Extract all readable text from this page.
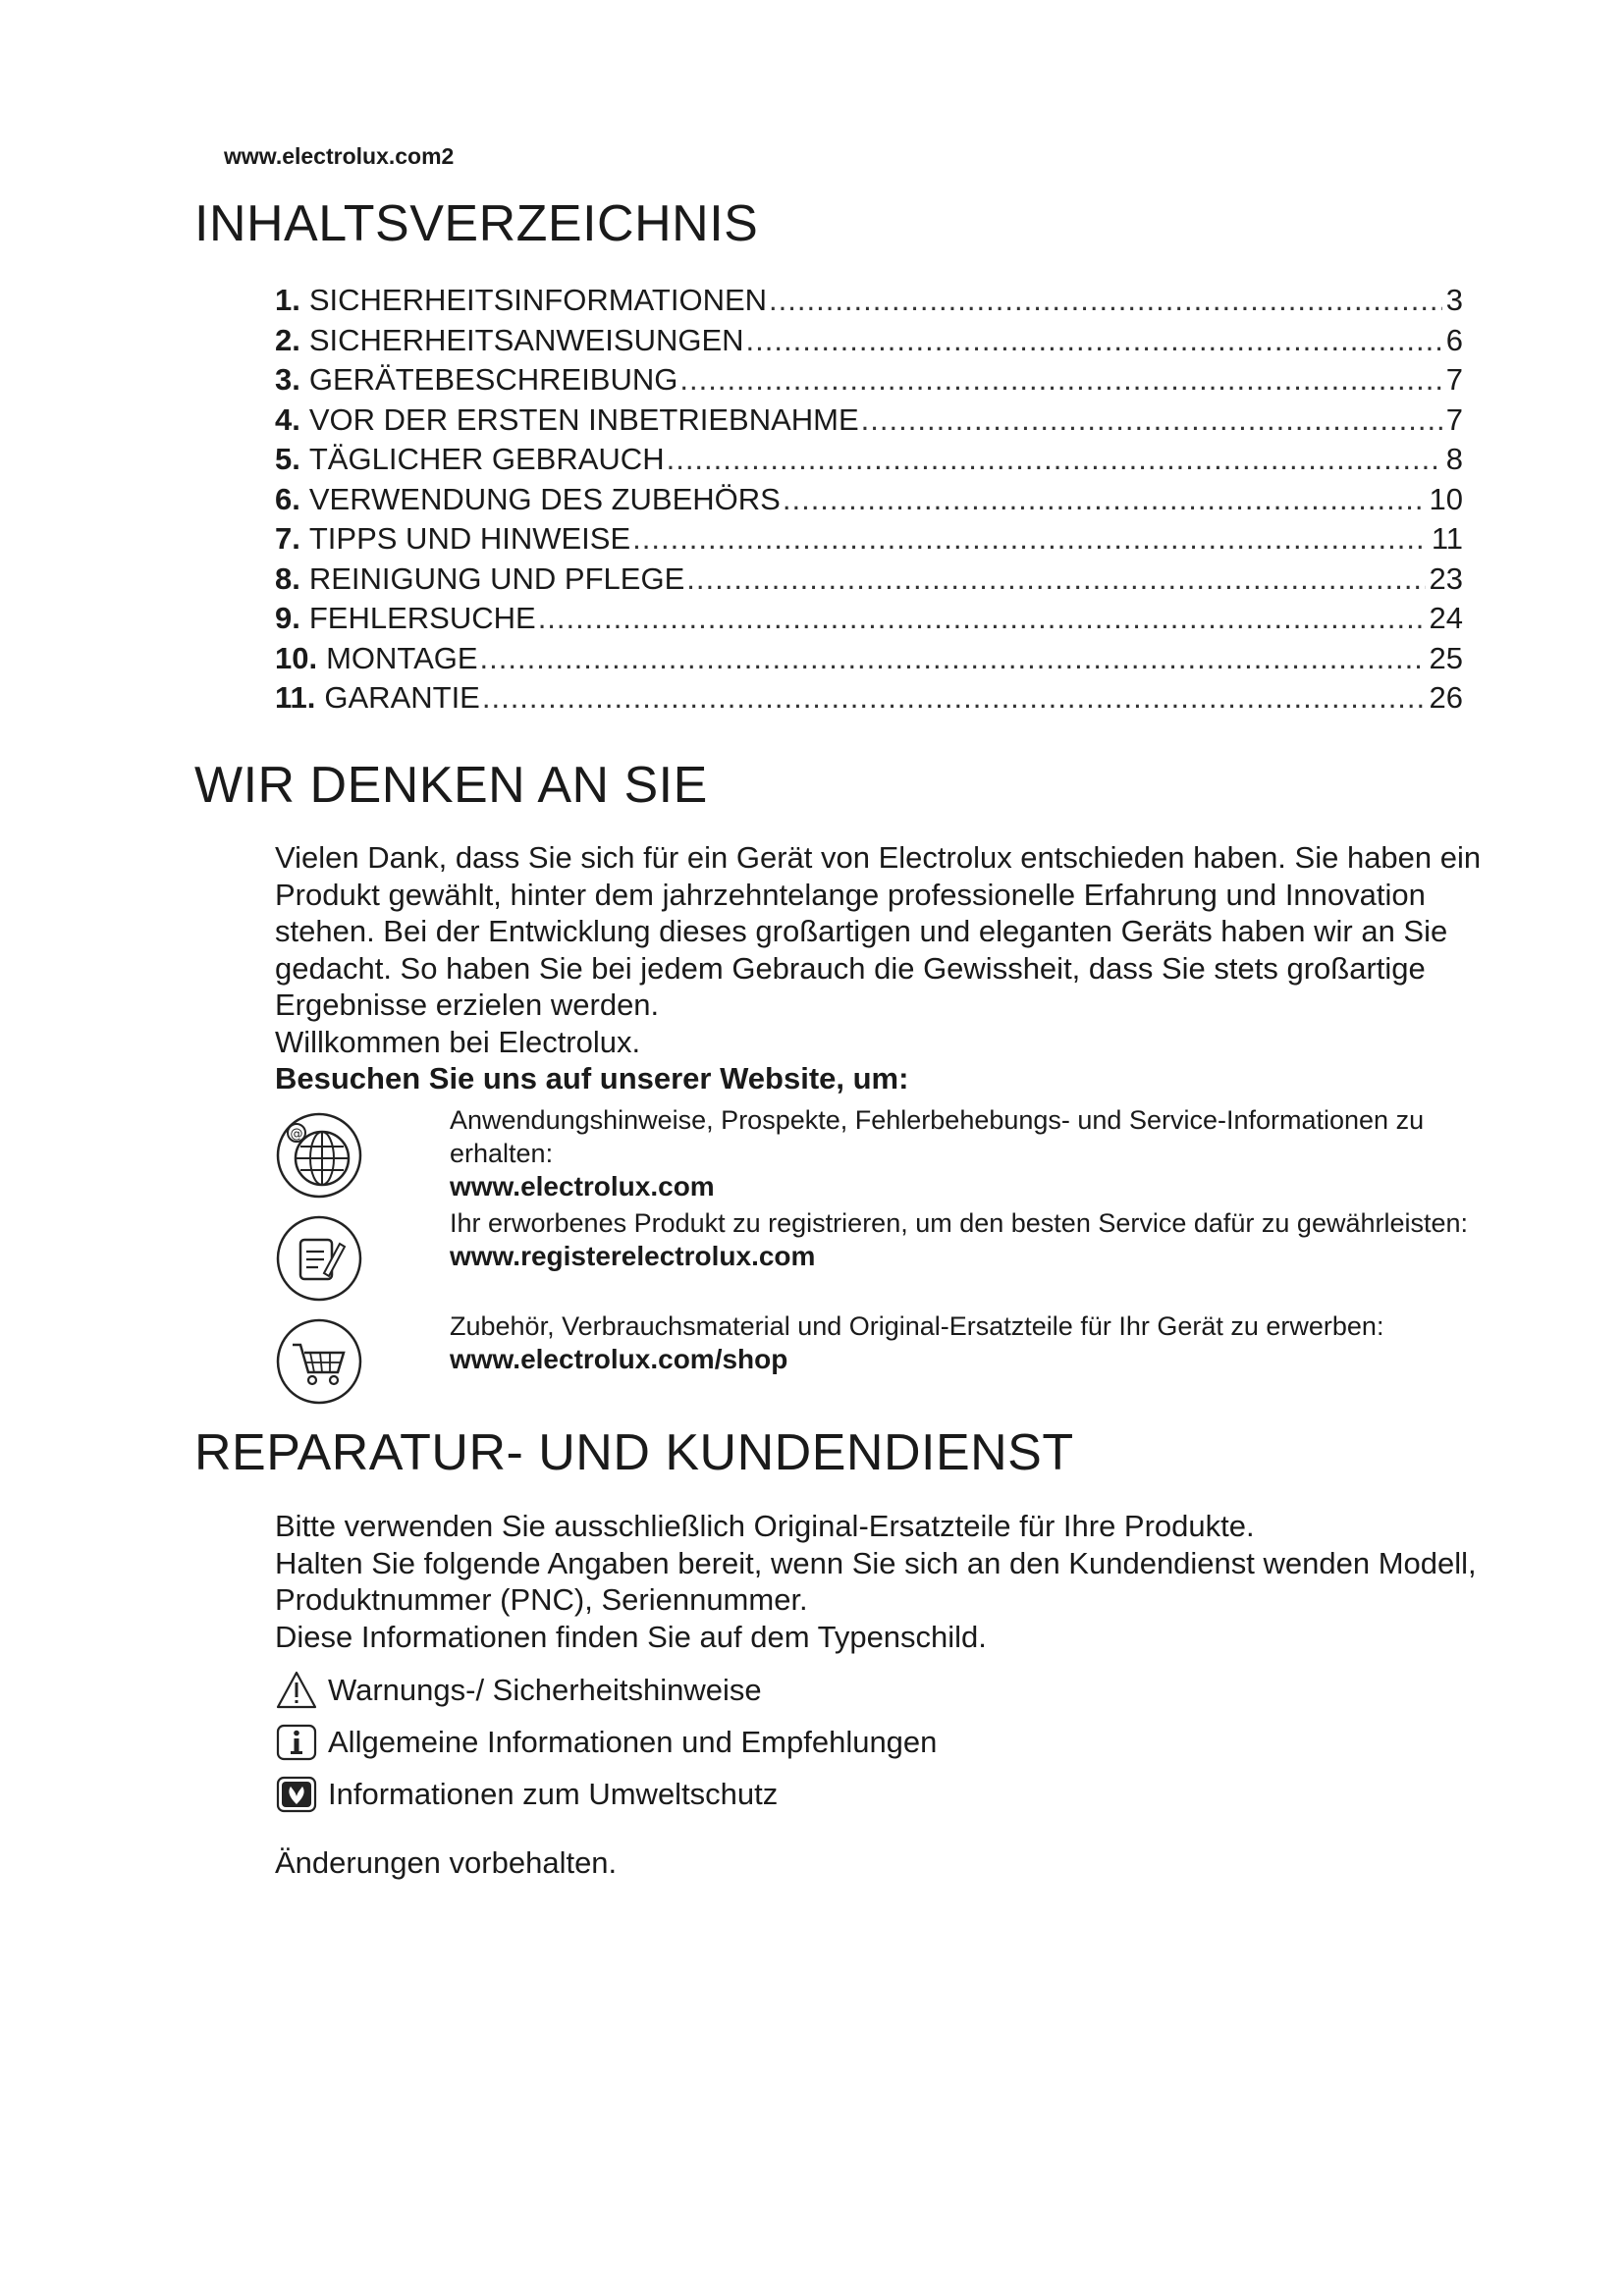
www.electrolux.com2
INHALTSVERZEICHNIS
1. SICHERHEITSINFORMATIONEN .....	3
2. SICHERHEITSANWEISUNGEN .....	6
3. GERÄTEBESCHREIBUNG .....	7
4. VOR DER ERSTEN INBETRIEBNAHME .....	7
5. TÄGLICHER GEBRAUCH .....	8
6. VERWENDUNG DES ZUBEHÖRS .....	10
7. TIPPS UND HINWEISE .....	11
8. REINIGUNG UND PFLEGE .....	23
9. FEHLERSUCHE .....	24
10. MONTAGE .....	25
11. GARANTIE .....	26
WIR DENKEN AN SIE
Vielen Dank, dass Sie sich für ein Gerät von Electrolux entschieden haben. Sie haben ein Produkt gewählt, hinter dem jahrzehntelange professionelle Erfahrung und Innovation stehen. Bei der Entwicklung dieses großartigen und eleganten Geräts haben wir an Sie gedacht. So haben Sie bei jedem Gebrauch die Gewissheit, dass Sie stets großartige Ergebnisse erzielen werden.
Willkommen bei Electrolux.
Besuchen Sie uns auf unserer Website, um:
@	Anwendungshinweise, Prospekte, Fehlerbehebungs- und Service-Informationen zu erhalten:
www.electrolux.com
Ihr erworbenes Produkt zu registrieren, um den besten Service dafür zu gewährleisten:
www.registerelectrolux.com
Zubehör, Verbrauchsmaterial und Original-Ersatzteile für Ihr Gerät zu erwerben:
www.electrolux.com/shop
REPARATUR- UND KUNDENDIENST
Bitte verwenden Sie ausschließlich Original-Ersatzteile für Ihre Produkte.
Halten Sie folgende Angaben bereit, wenn Sie sich an den Kundendienst wenden Modell, Produktnummer (PNC), Seriennummer.
Diese Informationen finden Sie auf dem Typenschild.
Warnungs-/ Sicherheitshinweise
Allgemeine Informationen und Empfehlungen
Informationen zum Umweltschutz
Änderungen vorbehalten.
